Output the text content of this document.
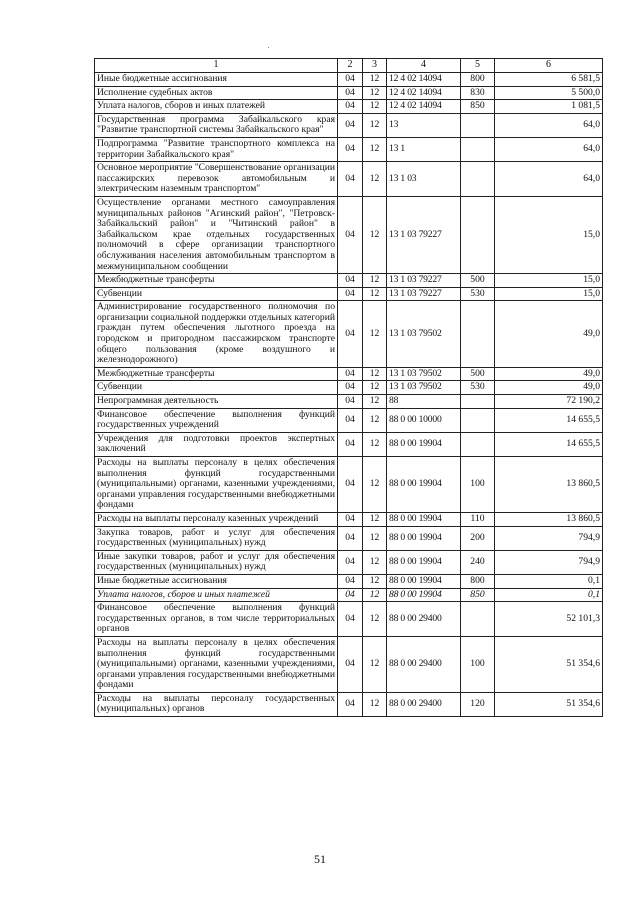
1	2	3	4	5	6
Иные бюджетные ассигнования	04	12	12 4 02 14094	800	6 581,5
Исполнение судебных актов	04	12	12 4 02 14094	830	5 500,0
Уплата налогов, сборов и иных платежей	04	12	12 4 02 14094	850	1 081,5
Государственная программа Забайкальского края "Развитие транспортной системы Забайкальского края"	04	12	13		64,0
Подпрограмма "Развитие транспортного комплекса на территории Забайкальского края"	04	12	13 1		64,0
Основное мероприятие "Совершенствование организации пассажирских перевозок автомобильным и электрическим наземным транспортом"	04	12	13 1 03		64,0
Осуществление органами местного самоуправления муниципальных районов "Агинский район", "Петровск-Забайкальский район" и "Читинский район" в Забайкальском крае отдельных государственных полномочий в сфере организации транспортного обслуживания населения автомобильным транспортом в межмуниципальном сообщении	04	12	13 1 03 79227		15,0
Межбюджетные трансферты	04	12	13 1 03 79227	500	15,0
Субвенции	04	12	13 1 03 79227	530	15,0
Администрирование государственного полномочия по организации социальной поддержки отдельных категорий граждан путем обеспечения льготного проезда на городском и пригородном пассажирском транспорте общего пользования (кроме воздушного и железнодорожного)	04	12	13 1 03 79502		49,0
Межбюджетные трансферты	04	12	13 1 03 79502	500	49,0
Субвенции	04	12	13 1 03 79502	530	49,0
Непрограммная деятельность	04	12	88		72 190,2
Финансовое обеспечение выполнения функций государственных учреждений	04	12	88 0 00 10000		14 655,5
Учреждения для подготовки проектов экспертных заключений	04	12	88 0 00 19904		14 655,5
Расходы на выплаты персоналу в целях обеспечения выполнения функций государственными (муниципальными) органами, казенными учреждениями, органами управления государственными внебюджетными фондами	04	12	88 0 00 19904	100	13 860,5
Расходы на выплаты персоналу казенных учреждений	04	12	88 0 00 19904	110	13 860,5
Закупка товаров, работ и услуг для обеспечения государственных (муниципальных) нужд	04	12	88 0 00 19904	200	794,9
Иные закупки товаров, работ и услуг для обеспечения государственных (муниципальных) нужд	04	12	88 0 00 19904	240	794,9
Иные бюджетные ассигнования	04	12	88 0 00 19904	800	0,1
Уплата налогов, сборов и иных платежей	04	12	88 0 00 19904	850	0,1
Финансовое обеспечение выполнения функций государственных органов, в том числе территориальных органов	04	12	88 0 00 29400		52 101,3
Расходы на выплаты персоналу в целях обеспечения выполнения функций государственными (муниципальными) органами, казенными учреждениями, органами управления государственными внебюджетными фондами	04	12	88 0 00 29400	100	51 354,6
Расходы на выплаты персоналу государственных (муниципальных) органов	04	12	88 0 00 29400	120	51 354,6
51
